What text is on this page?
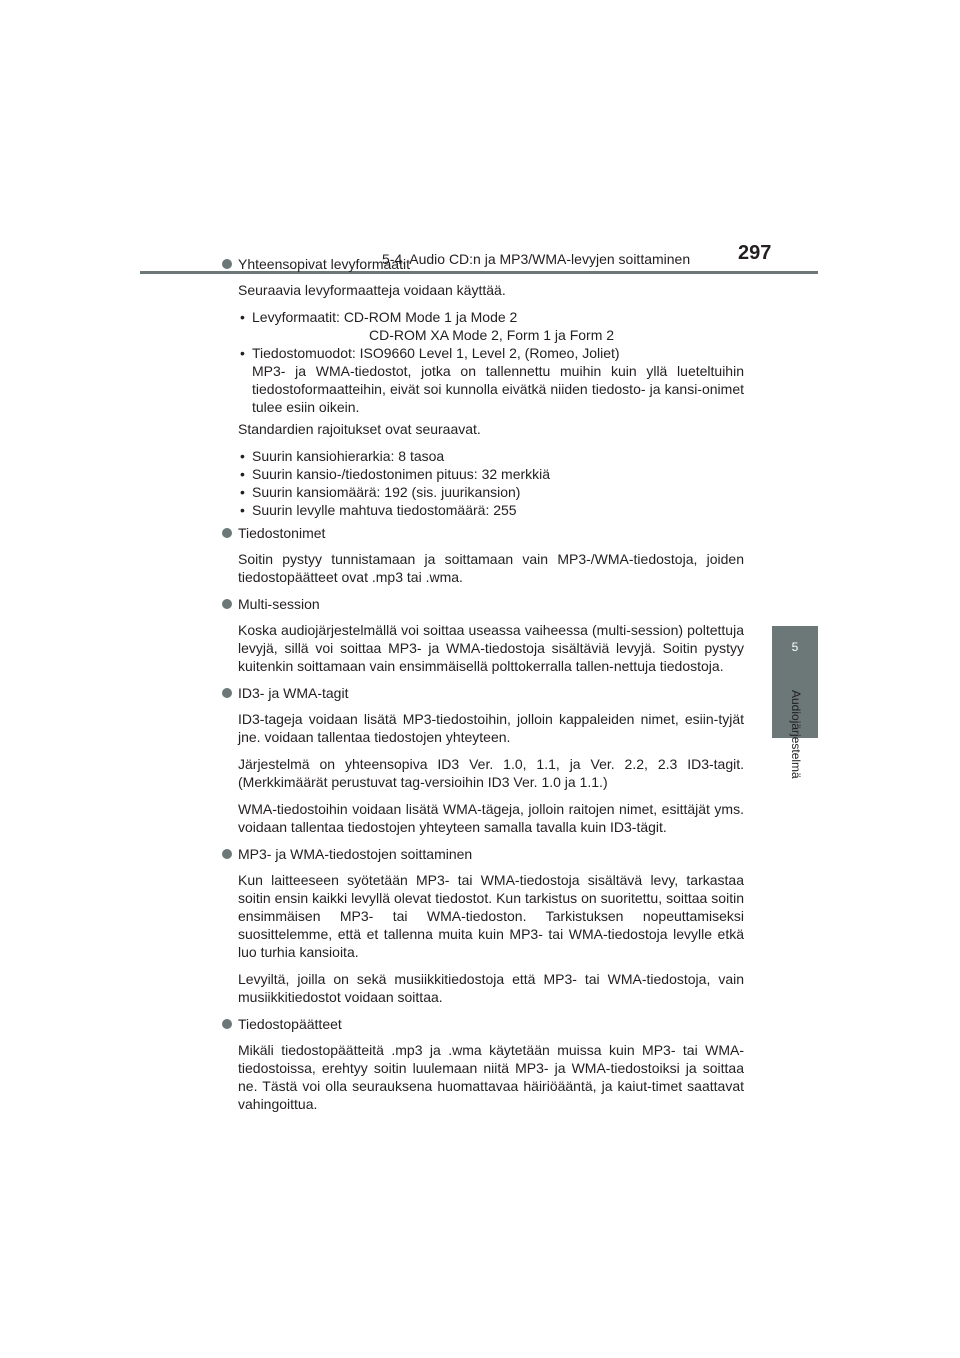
5-4. Audio CD:n ja MP3/WMA-levyjen soittaminen 297
5
Audiojärjestelmä
Yhteensopivat levyformaatit
Seuraavia levyformaatteja voidaan käyttää.
• Levyformaatit: CD-ROM Mode 1 ja Mode 2
CD-ROM XA Mode 2, Form 1 ja Form 2
• Tiedostomuodot: ISO9660 Level 1, Level 2, (Romeo, Joliet)
MP3- ja WMA-tiedostot, jotka on tallennettu muihin kuin yllä lueteltuihin tiedostoformaatteihin, eivät soi kunnolla eivätkä niiden tiedosto- ja kansi-onimet tulee esiin oikein.
Standardien rajoitukset ovat seuraavat.
• Suurin kansiohierarkia: 8 tasoa
• Suurin kansio-/tiedostonimen pituus: 32 merkkiä
• Suurin kansiomäärä: 192 (sis. juurikansion)
• Suurin levylle mahtuva tiedostomäärä: 255
Tiedostonimet
Soitin pystyy tunnistamaan ja soittamaan vain MP3-/WMA-tiedostoja, joiden tiedostopäätteet ovat .mp3 tai .wma.
Multi-session
Koska audiojärjestelmällä voi soittaa useassa vaiheessa (multi-session) poltettuja levyjä, sillä voi soittaa MP3- ja WMA-tiedostoja sisältäviä levyjä. Soitin pystyy kuitenkin soittamaan vain ensimmäisellä polttokerralla tallen-nettuja tiedostoja.
ID3- ja WMA-tagit
ID3-tageja voidaan lisätä MP3-tiedostoihin, jolloin kappaleiden nimet, esiin-tyjät jne. voidaan tallentaa tiedostojen yhteyteen.
Järjestelmä on yhteensopiva ID3 Ver. 1.0, 1.1, ja Ver. 2.2, 2.3 ID3-tagit. (Merkkimäärät perustuvat tag-versioihin ID3 Ver. 1.0 ja 1.1.)
WMA-tiedostoihin voidaan lisätä WMA-tägeja, jolloin raitojen nimet, esittäjät yms. voidaan tallentaa tiedostojen yhteyteen samalla tavalla kuin ID3-tägit.
MP3- ja WMA-tiedostojen soittaminen
Kun laitteeseen syötetään MP3- tai WMA-tiedostoja sisältävä levy, tarkastaa soitin ensin kaikki levyllä olevat tiedostot. Kun tarkistus on suoritettu, soittaa soitin ensimmäisen MP3- tai WMA-tiedoston. Tarkistuksen nopeuttamiseksi suosittelemme, että et tallenna muita kuin MP3- tai WMA-tiedostoja levylle etkä luo turhia kansioita.
Levyiltä, joilla on sekä musiikkitiedostoja että MP3- tai WMA-tiedostoja, vain musiikkitiedostot voidaan soittaa.
Tiedostopäätteet
Mikäli tiedostopäätteitä .mp3 ja .wma käytetään muissa kuin MP3- tai WMA-tiedostoissa, erehtyy soitin luulemaan niitä MP3- ja WMA-tiedostoiksi ja soittaa ne. Tästä voi olla seurauksena huomattavaa häiriöääntä, ja kaiut-timet saattavat vahingoittua.
